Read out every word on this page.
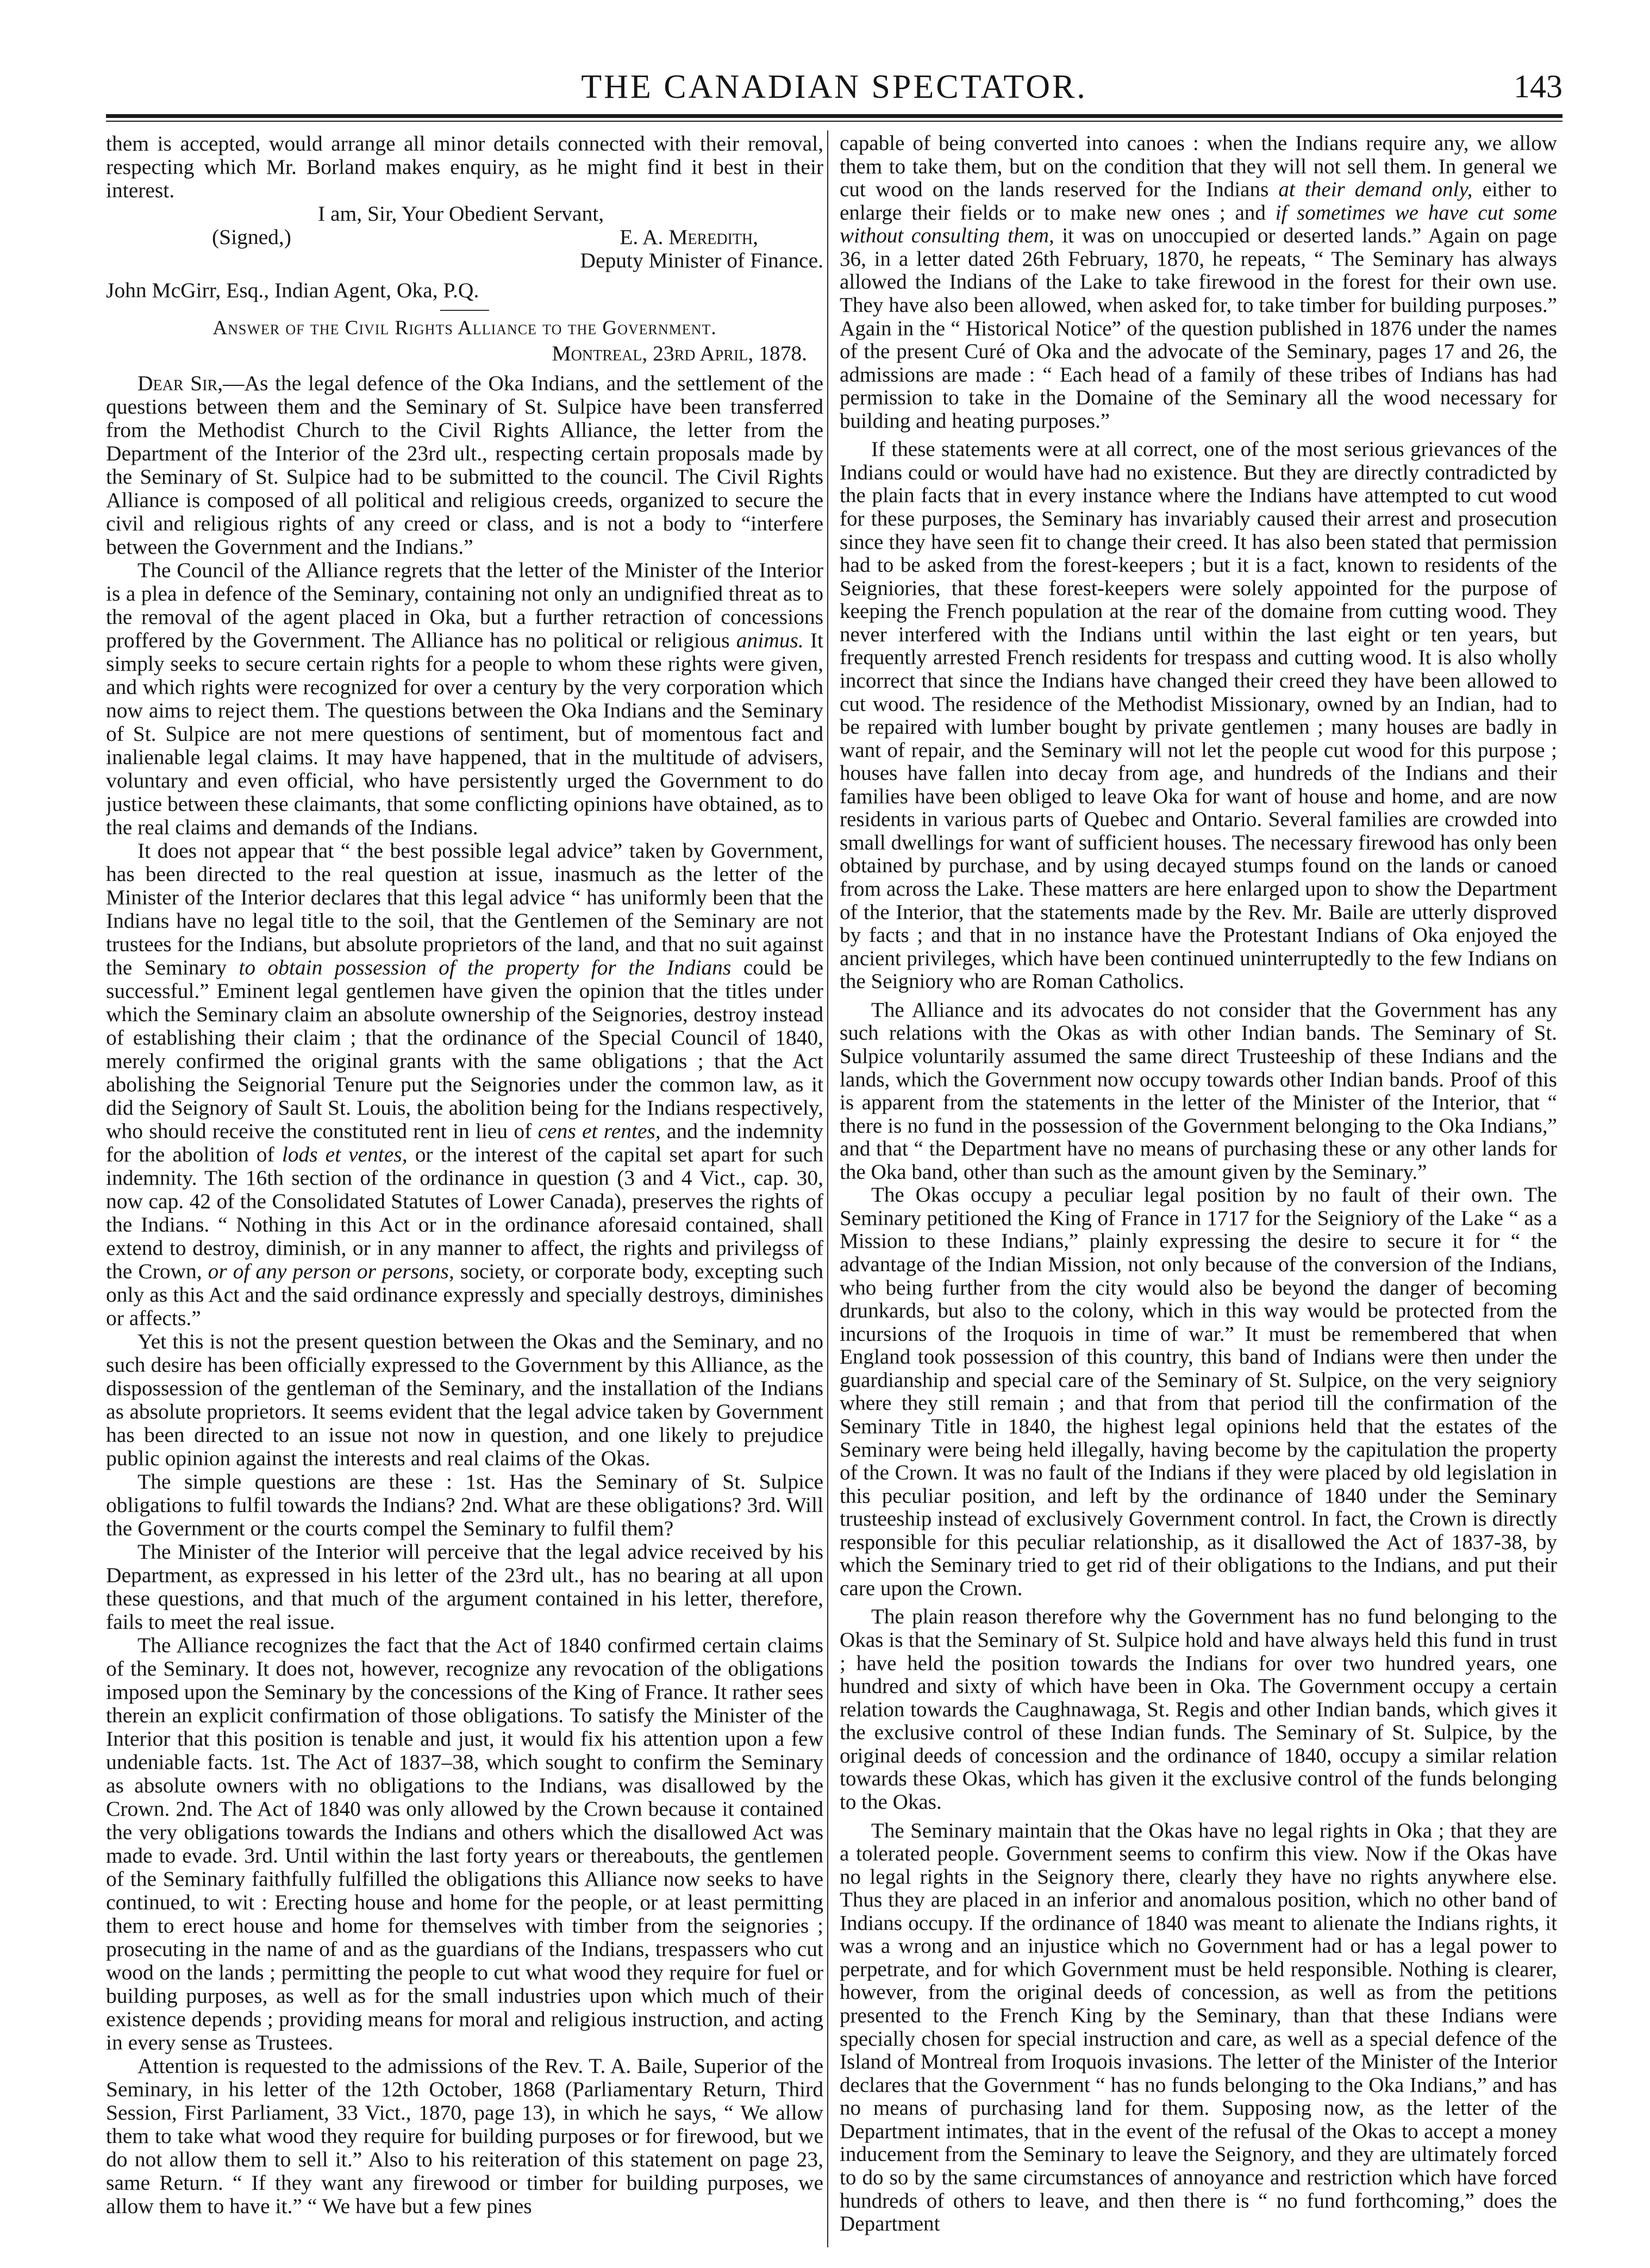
THE CANADIAN SPECTATOR.	143

them is accepted, would arrange all minor details connected with their removal, respecting which Mr. Borland makes enquiry, as he might find it best in their interest.

I am, Sir, Your Obedient Servant,
(Signed,)	E. A. Meredith,
Deputy Minister of Finance.
John McGirr, Esq., Indian Agent, Oka, P.Q.
Answer of the Civil Rights Alliance to the Government.
Montreal, 23rd April, 1878.

Dear Sir,—As the legal defence of the Oka Indians, and the settlement of the questions between them and the Seminary of St. Sulpice have been transferred from the Methodist Church to the Civil Rights Alliance, the letter from the Department of the Interior of the 23rd ult., respecting certain proposals made by the Seminary of St. Sulpice had to be submitted to the council. The Civil Rights Alliance is composed of all political and religious creeds, organized to secure the civil and religious rights of any creed or class, and is not a body to “interfere between the Government and the Indians.”

The Council of the Alliance regrets that the letter of the Minister of the Interior is a plea in defence of the Seminary, containing not only an undignified threat as to the removal of the agent placed in Oka, but a further retraction of concessions proffered by the Government. The Alliance has no political or religious animus. It simply seeks to secure certain rights for a people to whom these rights were given, and which rights were recognized for over a century by the very corporation which now aims to reject them. The questions between the Oka Indians and the Seminary of St. Sulpice are not mere questions of sentiment, but of momentous fact and inalienable legal claims. It may have happened, that in the multitude of advisers, voluntary and even official, who have persistently urged the Government to do justice between these claimants, that some conflicting opinions have obtained, as to the real claims and demands of the Indians.

It does not appear that “ the best possible legal advice” taken by Government, has been directed to the real question at issue, inasmuch as the letter of the Minister of the Interior declares that this legal advice “ has uniformly been that the Indians have no legal title to the soil, that the Gentlemen of the Seminary are not trustees for the Indians, but absolute proprietors of the land, and that no suit against the Seminary to obtain possession of the property for the Indians could be successful.” Eminent legal gentlemen have given the opinion that the titles under which the Seminary claim an absolute ownership of the Seignories, destroy instead of establishing their claim ; that the ordinance of the Special Council of 1840, merely confirmed the original grants with the same obligations ; that the Act abolishing the Seignorial Tenure put the Seignories under the common law, as it did the Seignory of Sault St. Louis, the abolition being for the Indians respectively, who should receive the constituted rent in lieu of cens et rentes, and the indemnity for the abolition of lods et ventes, or the interest of the capital set apart for such indemnity. The 16th section of the ordinance in question (3 and 4 Vict., cap. 30, now cap. 42 of the Consolidated Statutes of Lower Canada), preserves the rights of the Indians. “ Nothing in this Act or in the ordinance aforesaid contained, shall extend to destroy, diminish, or in any manner to affect, the rights and privilegss of the Crown, or of any person or persons, society, or corporate body, excepting such only as this Act and the said ordinance expressly and specially destroys, diminishes or affects.”

Yet this is not the present question between the Okas and the Seminary, and no such desire has been officially expressed to the Government by this Alliance, as the dispossession of the gentleman of the Seminary, and the installation of the Indians as absolute proprietors. It seems evident that the legal advice taken by Government has been directed to an issue not now in question, and one likely to prejudice public opinion against the interests and real claims of the Okas.

The simple questions are these : 1st. Has the Seminary of St. Sulpice obligations to fulfil towards the Indians? 2nd. What are these obligations? 3rd. Will the Government or the courts compel the Seminary to fulfil them?

The Minister of the Interior will perceive that the legal advice received by his Department, as expressed in his letter of the 23rd ult., has no bearing at all upon these questions, and that much of the argument contained in his letter, therefore, fails to meet the real issue.

The Alliance recognizes the fact that the Act of 1840 confirmed certain claims of the Seminary. It does not, however, recognize any revocation of the obligations imposed upon the Seminary by the concessions of the King of France. It rather sees therein an explicit confirmation of those obligations. To satisfy the Minister of the Interior that this position is tenable and just, it would fix his attention upon a few undeniable facts. 1st. The Act of 1837–38, which sought to confirm the Seminary as absolute owners with no obligations to the Indians, was disallowed by the Crown. 2nd. The Act of 1840 was only allowed by the Crown because it contained the very obligations towards the Indians and others which the disallowed Act was made to evade. 3rd. Until within the last forty years or thereabouts, the gentlemen of the Seminary faithfully fulfilled the obligations this Alliance now seeks to have continued, to wit : Erecting house and home for the people, or at least permitting them to erect house and home for themselves with timber from the seignories ; prosecuting in the name of and as the guardians of the Indians, trespassers who cut wood on the lands ; permitting the people to cut what wood they require for fuel or building purposes, as well as for the small industries upon which much of their existence depends ; providing means for moral and religious instruction, and acting in every sense as Trustees.

Attention is requested to the admissions of the Rev. T. A. Baile, Superior of the Seminary, in his letter of the 12th October, 1868 (Parliamentary Return, Third Session, First Parliament, 33 Vict., 1870, page 13), in which he says, “ We allow them to take what wood they require for building purposes or for firewood, but we do not allow them to sell it.” Also to his reiteration of this statement on page 23, same Return. “ If they want any firewood or timber for building purposes, we allow them to have it.” “ We have but a few pines

capable of being converted into canoes : when the Indians require any, we allow them to take them, but on the condition that they will not sell them. In general we cut wood on the lands reserved for the Indians at their demand only, either to enlarge their fields or to make new ones ; and if sometimes we have cut some without consulting them, it was on unoccupied or deserted lands.” Again on page 36, in a letter dated 26th February, 1870, he repeats, “ The Seminary has always allowed the Indians of the Lake to take firewood in the forest for their own use. They have also been allowed, when asked for, to take timber for building purposes.” Again in the “ Historical Notice” of the question published in 1876 under the names of the present Curé of Oka and the advocate of the Seminary, pages 17 and 26, the admissions are made : “ Each head of a family of these tribes of Indians has had permission to take in the Domaine of the Seminary all the wood necessary for building and heating purposes.”

If these statements were at all correct, one of the most serious grievances of the Indians could or would have had no existence. But they are directly contradicted by the plain facts that in every instance where the Indians have attempted to cut wood for these purposes, the Seminary has invariably caused their arrest and prosecution since they have seen fit to change their creed. It has also been stated that permission had to be asked from the forest-keepers ; but it is a fact, known to residents of the Seigniories, that these forest-keepers were solely appointed for the purpose of keeping the French population at the rear of the domaine from cutting wood. They never interfered with the Indians until within the last eight or ten years, but frequently arrested French residents for trespass and cutting wood. It is also wholly incorrect that since the Indians have changed their creed they have been allowed to cut wood. The residence of the Methodist Missionary, owned by an Indian, had to be repaired with lumber bought by private gentlemen ; many houses are badly in want of repair, and the Seminary will not let the people cut wood for this purpose ; houses have fallen into decay from age, and hundreds of the Indians and their families have been obliged to leave Oka for want of house and home, and are now residents in various parts of Quebec and Ontario. Several families are crowded into small dwellings for want of sufficient houses. The necessary firewood has only been obtained by purchase, and by using decayed stumps found on the lands or canoed from across the Lake. These matters are here enlarged upon to show the Department of the Interior, that the statements made by the Rev. Mr. Baile are utterly disproved by facts ; and that in no instance have the Protestant Indians of Oka enjoyed the ancient privileges, which have been continued uninterruptedly to the few Indians on the Seigniory who are Roman Catholics.

The Alliance and its advocates do not consider that the Government has any such relations with the Okas as with other Indian bands. The Seminary of St. Sulpice voluntarily assumed the same direct Trusteeship of these Indians and the lands, which the Government now occupy towards other Indian bands. Proof of this is apparent from the statements in the letter of the Minister of the Interior, that “ there is no fund in the possession of the Government belonging to the Oka Indians,” and that “ the Department have no means of purchasing these or any other lands for the Oka band, other than such as the amount given by the Seminary.”

The Okas occupy a peculiar legal position by no fault of their own. The Seminary petitioned the King of France in 1717 for the Seigniory of the Lake “ as a Mission to these Indians,” plainly expressing the desire to secure it for “ the advantage of the Indian Mission, not only because of the conversion of the Indians, who being further from the city would also be beyond the danger of becoming drunkards, but also to the colony, which in this way would be protected from the incursions of the Iroquois in time of war.” It must be remembered that when England took possession of this country, this band of Indians were then under the guardianship and special care of the Seminary of St. Sulpice, on the very seigniory where they still remain ; and that from that period till the confirmation of the Seminary Title in 1840, the highest legal opinions held that the estates of the Seminary were being held illegally, having become by the capitulation the property of the Crown. It was no fault of the Indians if they were placed by old legislation in this peculiar position, and left by the ordinance of 1840 under the Seminary trusteeship instead of exclusively Government control. In fact, the Crown is directly responsible for this peculiar relationship, as it disallowed the Act of 1837-38, by which the Seminary tried to get rid of their obligations to the Indians, and put their care upon the Crown.

The plain reason therefore why the Government has no fund belonging to the Okas is that the Seminary of St. Sulpice hold and have always held this fund in trust ; have held the position towards the Indians for over two hundred years, one hundred and sixty of which have been in Oka. The Government occupy a certain relation towards the Caughnawaga, St. Regis and other Indian bands, which gives it the exclusive control of these Indian funds. The Seminary of St. Sulpice, by the original deeds of concession and the ordinance of 1840, occupy a similar relation towards these Okas, which has given it the exclusive control of the funds belonging to the Okas.

The Seminary maintain that the Okas have no legal rights in Oka ; that they are a tolerated people. Government seems to confirm this view. Now if the Okas have no legal rights in the Seignory there, clearly they have no rights anywhere else. Thus they are placed in an inferior and anomalous position, which no other band of Indians occupy. If the ordinance of 1840 was meant to alienate the Indians rights, it was a wrong and an injustice which no Government had or has a legal power to perpetrate, and for which Government must be held responsible. Nothing is clearer, however, from the original deeds of concession, as well as from the petitions presented to the French King by the Seminary, than that these Indians were specially chosen for special instruction and care, as well as a special defence of the Island of Montreal from Iroquois invasions. The letter of the Minister of the Interior declares that the Government “ has no funds belonging to the Oka Indians,” and has no means of purchasing land for them. Supposing now, as the letter of the Department intimates, that in the event of the refusal of the Okas to accept a money inducement from the Seminary to leave the Seignory, and they are ultimately forced to do so by the same circumstances of annoyance and restriction which have forced hundreds of others to leave, and then there is “ no fund forthcoming,” does the Department
